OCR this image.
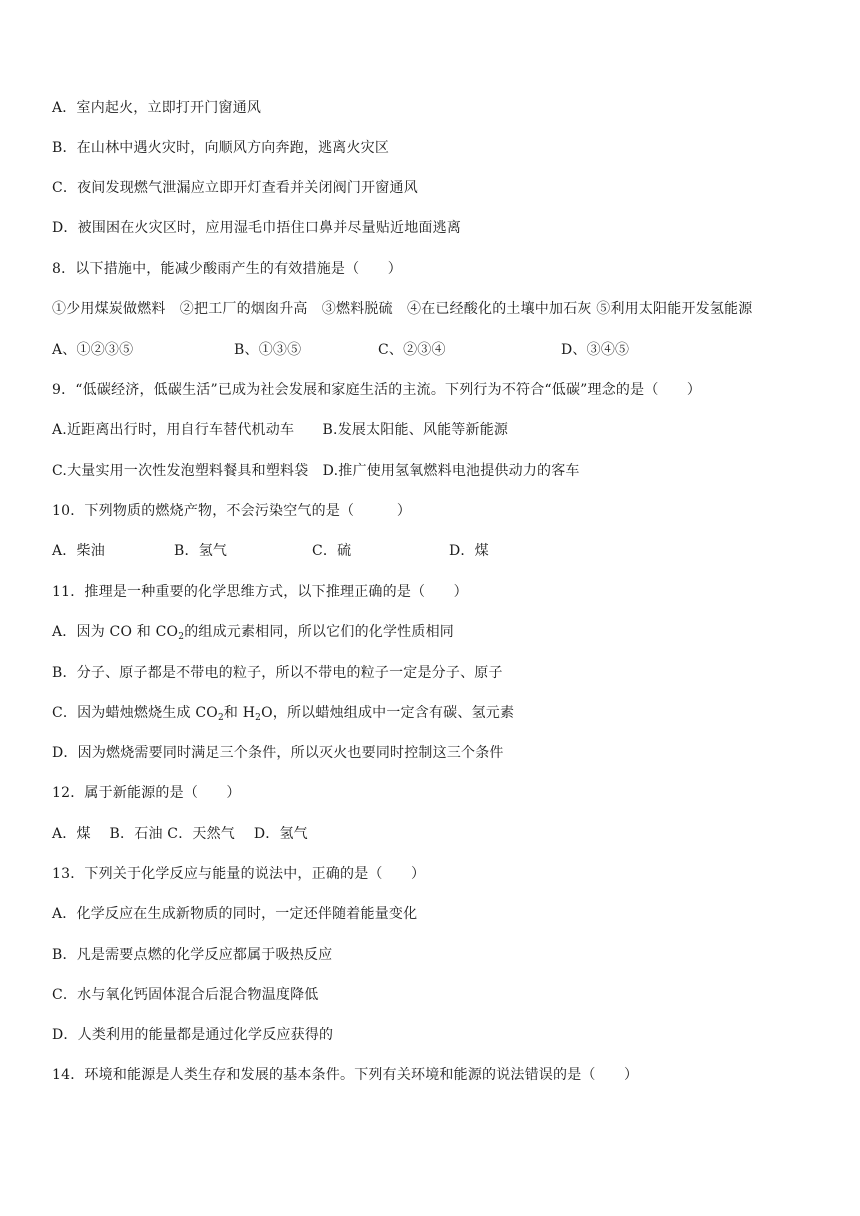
A．室内起火，立即打开门窗通风
B．在山林中遇火灾时，向顺风方向奔跑，逃离火灾区
C．夜间发现燃气泄漏应立即开灯查看并关闭阀门开窗通风
D．被围困在火灾区时，应用湿毛巾捂住口鼻并尽量贴近地面逃离
8．以下措施中，能减少酸雨产生的有效措施是（　　）
①少用煤炭做燃料　②把工厂的烟囱升高　③燃料脱硫　④在已经酸化的土壤中加石灰 ⑤利用太阳能开发氢能源

A、①②③⑤

	B、①③⑤

	C、②③④

	D、③④⑤

9．“低碳经济，低碳生活”已成为社会发展和家庭生活的主流。下列行为不符合“低碳”理念的是（　　）
A.近距离出行时，用自行车替代机动车　　B.发展太阳能、风能等新能源
C.大量实用一次性发泡塑料餐具和塑料袋　D.推广使用氢氧燃料电池提供动力的客车
10．下列物质的燃烧产物，不会污染空气的是（　　　）

A．柴油

	B．氢气

	C．硫

	D．煤

11．推理是一种重要的化学思维方式，以下推理正确的是（　　）
A．因为 CO 和 $CO_2$的组成元素相同，所以它们的化学性质相同
B．分子、原子都是不带电的粒子，所以不带电的粒子一定是分子、原子
C．因为蜡烛燃烧生成 $CO_2$和 $H_2O$，所以蜡烛组成中一定含有碳、氢元素
D．因为燃烧需要同时满足三个条件，所以灭火也要同时控制这三个条件
12．属于新能源的是（　　）
A．煤　 B．石油 C．天然气　 D．氢气
13．下列关于化学反应与能量的说法中，正确的是（　　）
A．化学反应在生成新物质的同时，一定还伴随着能量变化
B．凡是需要点燃的化学反应都属于吸热反应
C．水与氧化钙固体混合后混合物温度降低
D．人类利用的能量都是通过化学反应获得的
14．环境和能源是人类生存和发展的基本条件。下列有关环境和能源的说法错误的是（　　）
